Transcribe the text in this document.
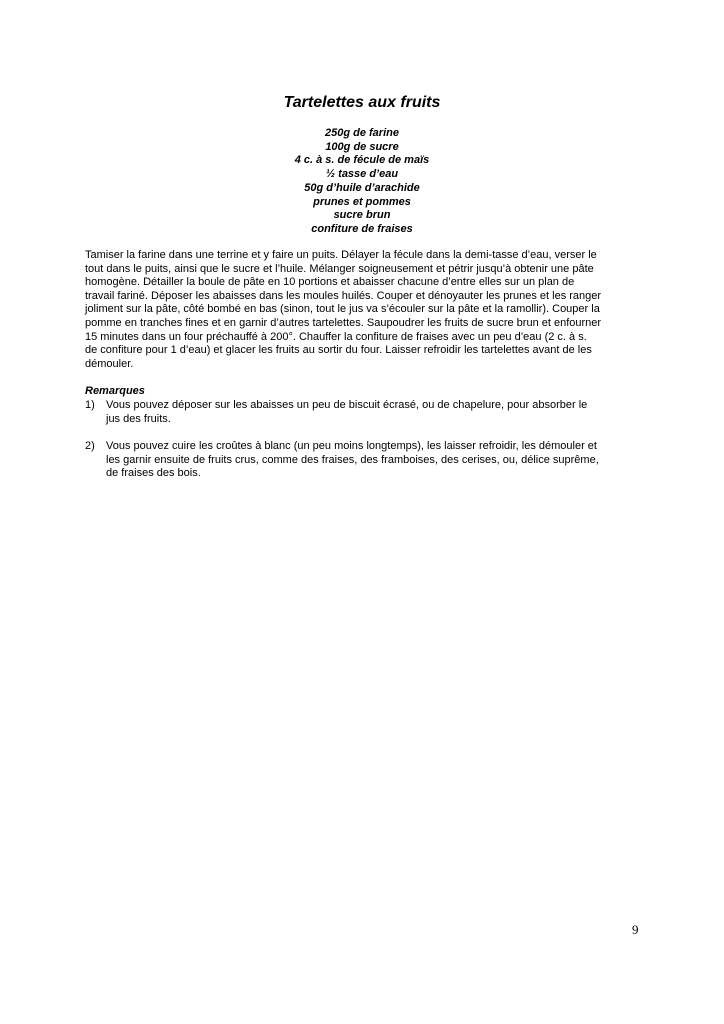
Tartelettes aux fruits
250g de farine
100g de sucre
4 c. à s. de fécule de maïs
½ tasse d’eau
50g d’huile d’arachide
prunes et pommes
sucre brun
confiture de fraises
Tamiser la farine dans une terrine et y faire un puits. Délayer la fécule dans la demi-tasse d’eau, verser le
tout dans le puits, ainsi que le sucre et l’huile. Mélanger soigneusement et pétrir jusqu’à obtenir une pâte
homogène. Détailler la boule de pâte en 10 portions et abaisser chacune d’entre elles sur un plan de
travail fariné. Déposer les abaisses dans les moules huilés. Couper et dénoyauter les prunes et les ranger
joliment sur la pâte, côté bombé en bas (sinon, tout le jus va s’écouler sur la pâte et la ramollir). Couper la
pomme en tranches fines et en garnir d’autres tartelettes. Saupoudrer les fruits de sucre brun et enfourner
15 minutes dans un four préchauffé à 200°. Chauffer la confiture de fraises avec un peu d’eau (2 c. à s.
de confiture pour 1 d’eau) et glacer les fruits au sortir du four. Laisser refroidir les tartelettes avant de les
démouler.
Remarques
1)	Vous pouvez déposer sur les abaisses un peu de biscuit écrasé, ou de chapelure, pour absorber le
jus des fruits.
2)	Vous pouvez cuire les croûtes à blanc (un peu moins longtemps), les laisser refroidir, les démouler et
les garnir ensuite de fruits crus, comme des fraises, des framboises, des cerises, ou, délice suprême,
de fraises des bois.
9
